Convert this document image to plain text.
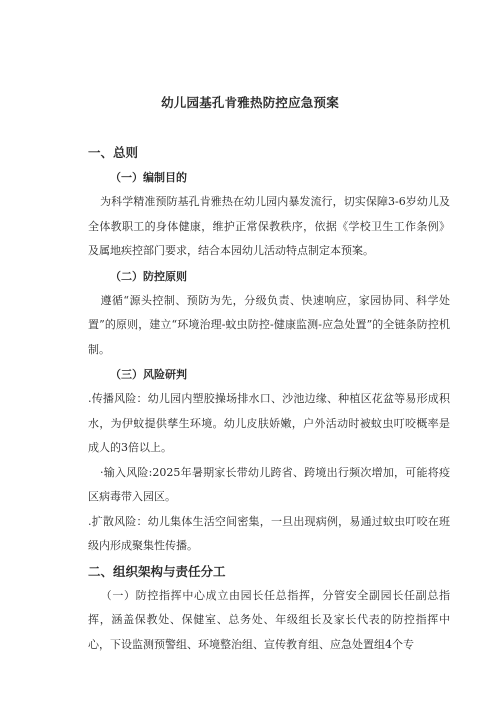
幼儿园基孔肯雅热防控应急预案
一、总则
（一）编制目的

为科学精准预防基孔肯雅热在幼儿园内暴发流行，切实保障3-6岁幼儿及全体教职工的身体健康，维护正常保教秩序，依据《学校卫生工作条例》及属地疾控部门要求，结合本园幼儿活动特点制定本预案。

（二）防控原则

遵循“源头控制、预防为先，分级负责、快速响应，家园协同、科学处置”的原则，建立“环境治理-蚊虫防控-健康监测-应急处置”的全链条防控机制。

（三）风险研判

.传播风险：幼儿园内塑胶操场排水口、沙池边缘、种植区花盆等易形成积水，为伊蚊提供孳生环境。幼儿皮肤娇嫩，户外活动时被蚊虫叮咬概率是成人的3倍以上。

·输入风险:2025年暑期家长带幼儿跨省、跨境出行频次增加，可能将疫区病毒带入园区。

.扩散风险：幼儿集体生活空间密集，一旦出现病例，易通过蚊虫叮咬在班级内形成聚集性传播。

二、组织架构与责任分工

（一）防控指挥中心成立由园长任总指挥，分管安全副园长任副总指挥，涵盖保教处、保健室、总务处、年级组长及家长代表的防控指挥中心，下设监测预警组、环境整治组、宣传教育组、应急处置组4个专
